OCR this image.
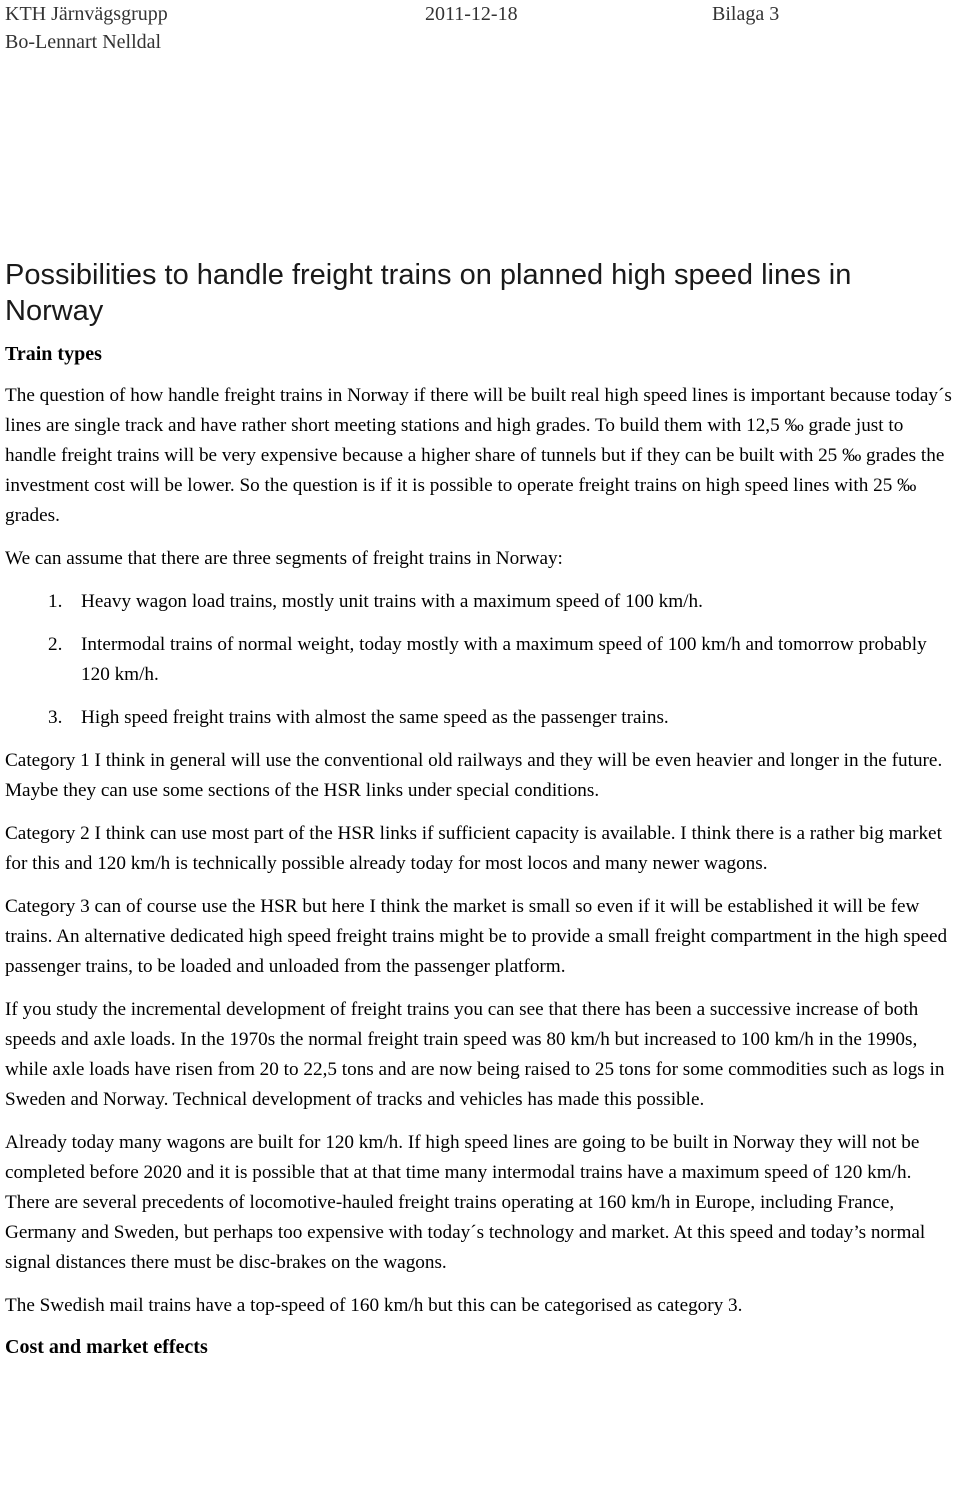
KTH Järnvägsgrupp	2011-12-18	Bilaga 3
Bo-Lennart Nelldal
Possibilities to handle freight trains on planned high speed lines in Norway
Train types

The question of how handle freight trains in Norway if there will be built real high speed lines is important because today´s lines are single track and have rather short meeting stations and high grades. To build them with 12,5 ‰ grade just to handle freight trains will be very expensive because a higher share of tunnels but if they can be built with 25 ‰ grades the investment cost will be lower. So the question is if it is possible to operate freight trains on high speed lines with 25 ‰ grades.

We can assume that there are three segments of freight trains in Norway:

1. Heavy wagon load trains, mostly unit trains with a maximum speed of 100 km/h.
2. Intermodal trains of normal weight, today mostly with a maximum speed of 100 km/h and tomorrow probably 120 km/h.
3. High speed freight trains with almost the same speed as the passenger trains.

Category 1 I think in general will use the conventional old railways and they will be even heavier and longer in the future. Maybe they can use some sections of the HSR links under special conditions.

Category 2 I think can use most part of the HSR links if sufficient capacity is available. I think there is a rather big market for this and 120 km/h is technically possible already today for most locos and many newer wagons.

Category 3 can of course use the HSR but here I think the market is small so even if it will be established it will be few trains. An alternative dedicated high speed freight trains might be to provide a small freight compartment in the high speed passenger trains, to be loaded and unloaded from the passenger platform.

If you study the incremental development of freight trains you can see that there has been a successive increase of both speeds and axle loads. In the 1970s the normal freight train speed was 80 km/h but increased to 100 km/h in the 1990s, while axle loads have risen from 20 to 22,5 tons and are now being raised to 25 tons for some commodities such as logs in Sweden and Norway. Technical development of tracks and vehicles has made this possible.

Already today many wagons are built for 120 km/h. If high speed lines are going to be built in Norway they will not be completed before 2020 and it is possible that at that time many intermodal trains have a maximum speed of 120 km/h. There are several precedents of locomotive-hauled freight trains operating at 160 km/h in Europe, including France, Germany and Sweden, but perhaps too expensive with today´s technology and market. At this speed and today’s normal signal distances there must be disc-brakes on the wagons.

The Swedish mail trains have a top-speed of 160 km/h but this can be categorised as category 3.

Cost and market effects
